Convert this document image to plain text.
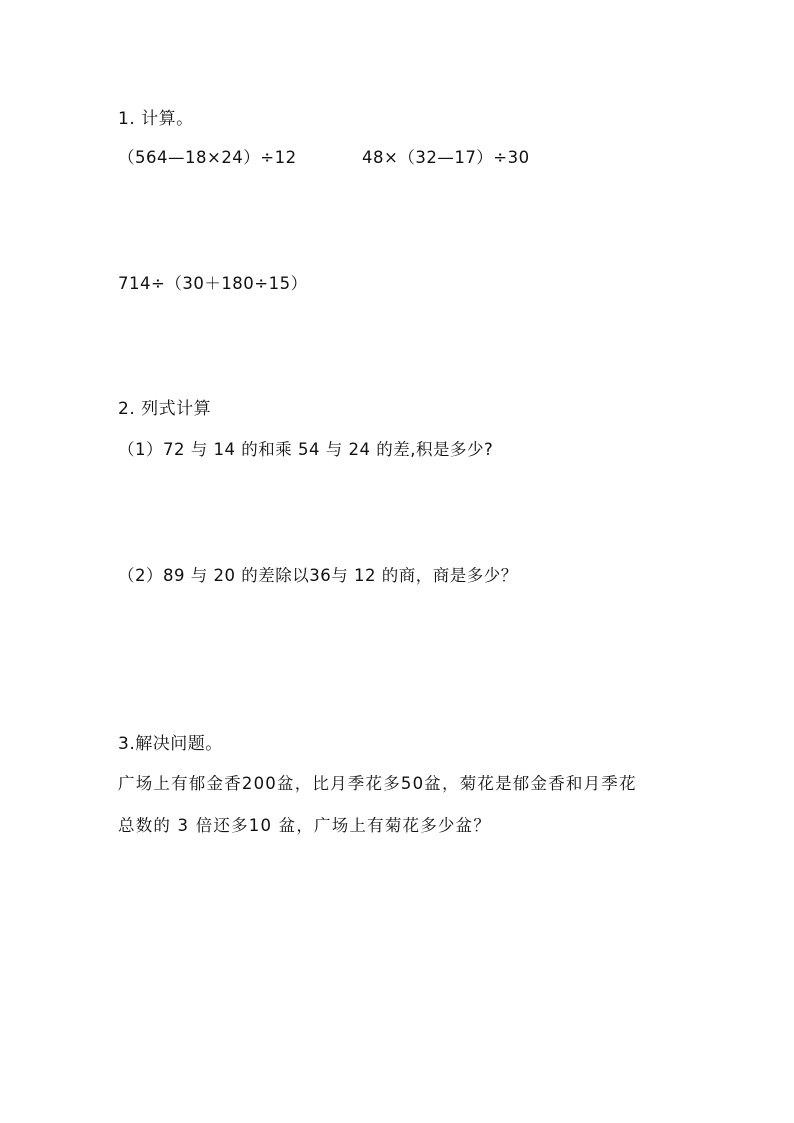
1. 计算。
（564—18×24）÷12	48×（32—17）÷30
714÷（30＋180÷15）
2. 列式计算
（1）72 与 14 的和乘 54 与 24 的差,积是多少?
（2）89 与 20 的差除以36与 12 的商，商是多少？
3.解决问题。
广场上有郁金香200盆，比月季花多50盆，菊花是郁金香和月季花
总数的 3 倍还多10 盆，广场上有菊花多少盆？
